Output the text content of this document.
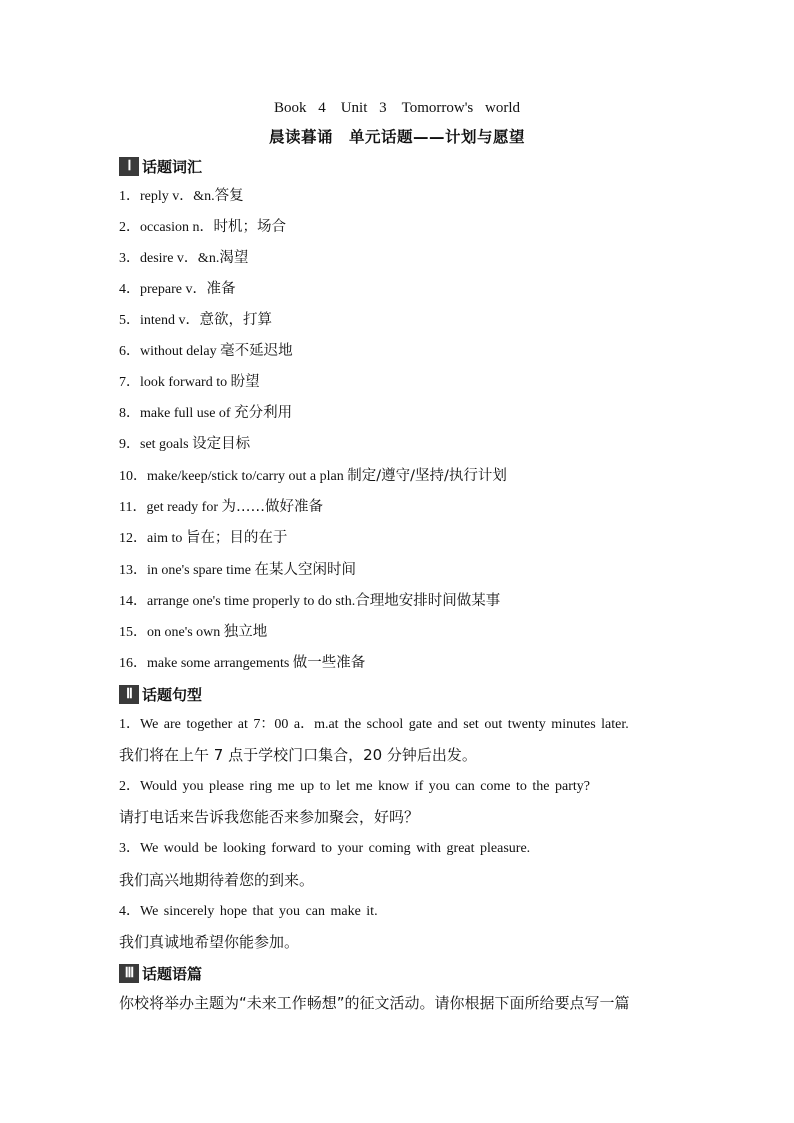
Book 4　Unit 3　Tomorrow's world
晨读暮诵　单元话题——计划与愿望
Ⅰ 话题词汇
1．reply v．&n.答复
2．occasion n．时机；场合
3．desire v．&n.渴望
4．prepare v．准备
5．intend v．意欲，打算
6．without delay 毫不延迟地
7．look forward to 盼望
8．make full use of 充分利用
9．set goals 设定目标
10．make/keep/stick to/carry out a plan 制定/遵守/坚持/执行计划
11．get ready for 为……做好准备
12．aim to 旨在；目的在于
13．in one's spare time 在某人空闲时间
14．arrange one's time properly to do sth.合理地安排时间做某事
15．on one's own 独立地
16．make some arrangements 做一些准备
Ⅱ 话题句型
1．We are together at 7：00 a．m.at the school gate and set out twenty minutes later.
我们将在上午 7 点于学校门口集合，20 分钟后出发。
2．Would you please ring me up to let me know if you can come to the party?
请打电话来告诉我您能否来参加聚会，好吗？
3．We would be looking forward to your coming with great pleasure.
我们高兴地期待着您的到来。
4．We sincerely hope that you can make it.
我们真诚地希望你能参加。
Ⅲ 话题语篇
你校将举办主题为“未来工作畅想”的征文活动。请你根据下面所给要点写一篇
